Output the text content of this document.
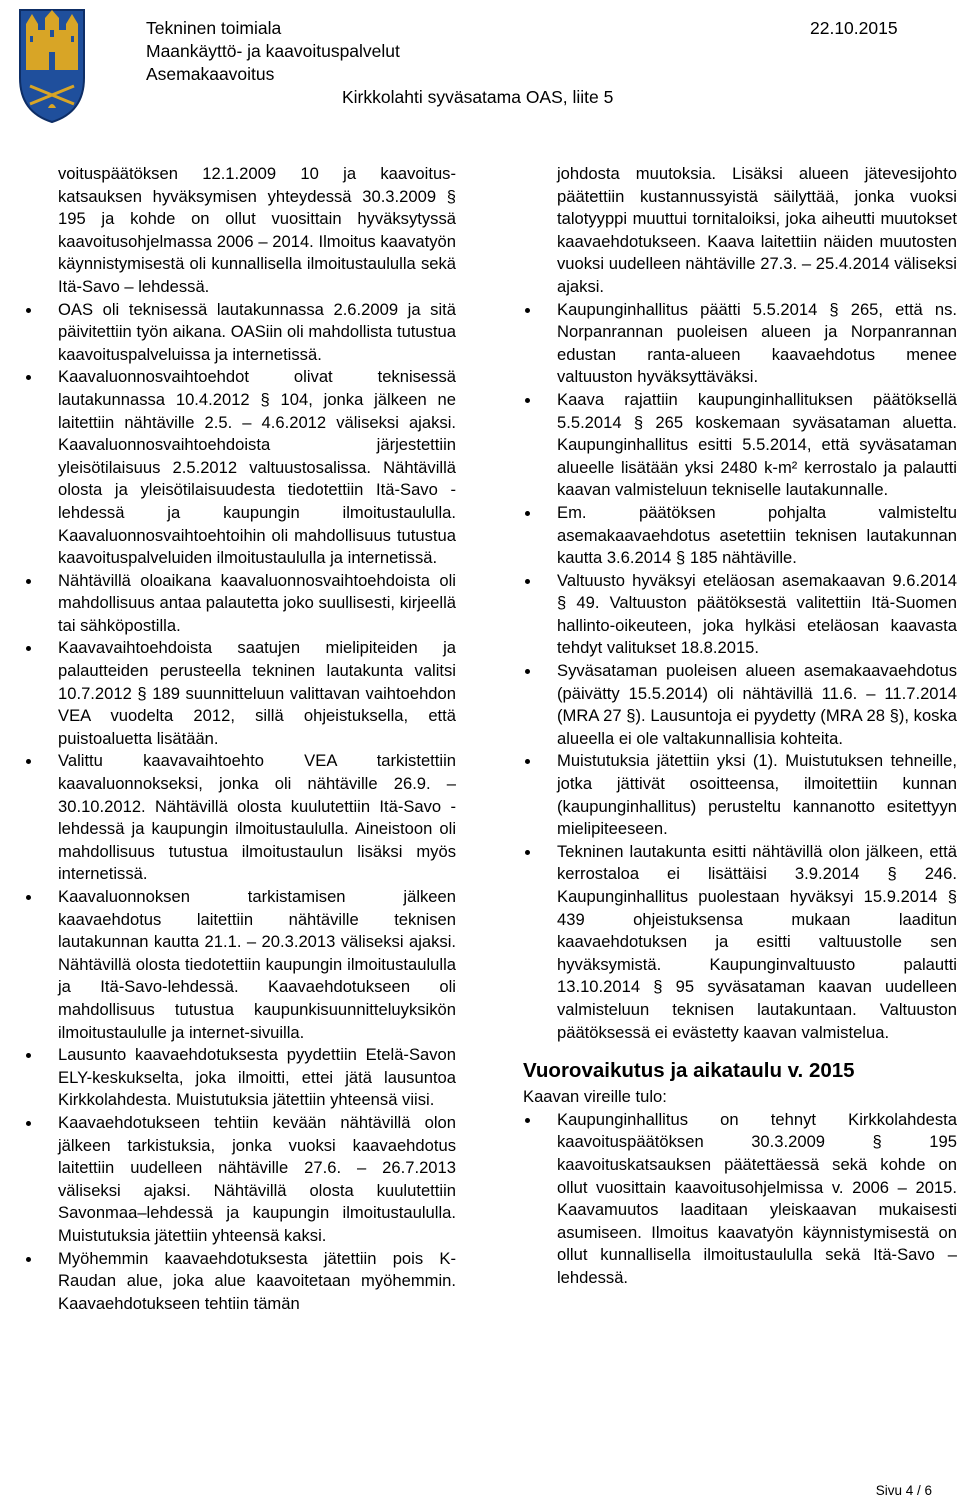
Tekninen toimiala
Maankäyttö- ja kaavoituspalvelut
Asemakaavoitus
22.10.2015
Kirkkolahti syväsatama OAS, liite 5

voituspäätöksen 12.1.2009 10 ja kaavoitus-katsauksen hyväksymisen yhteydessä 30.3.2009 § 195 ja kohde on ollut vuosittain hyväksytyssä kaavoitusohjelmassa 2006 – 2014. Ilmoitus kaavatyön käynnistymisestä oli kunnallisella ilmoitustaululla sekä Itä-Savo – lehdessä.

OAS oli teknisessä lautakunnassa 2.6.2009 ja sitä päivitettiin työn aikana. OASiin oli mahdollista tutustua kaavoituspalveluissa ja internetissä.
Kaavaluonnosvaihtoehdot olivat teknisessä lautakunnassa 10.4.2012 § 104, jonka jälkeen ne laitettiin nähtäville 2.5. – 4.6.2012 väliseksi ajaksi. Kaavaluonnosvaihtoehdoista järjestettiin yleisötilaisuus 2.5.2012 valtuustosalissa. Nähtävillä olosta ja yleisötilaisuudesta tiedotettiin Itä-Savo -lehdessä ja kaupungin ilmoitustaululla. Kaavaluonnosvaihtoehtoihin oli mahdollisuus tutustua kaavoituspalveluiden ilmoitustaululla ja internetissä.
Nähtävillä oloaikana kaavaluonnosvaihtoehdoista oli mahdollisuus antaa palautetta joko suullisesti, kirjeellä tai sähköpostilla.
Kaavavaihtoehdoista saatujen mielipiteiden ja palautteiden perusteella tekninen lautakunta valitsi 10.7.2012 § 189 suunnitteluun valittavan vaihtoehdon VEA vuodelta 2012, sillä ohjeistuksella, että puistoaluetta lisätään.
Valittu kaavavaihtoehto VEA tarkistettiin kaavaluonnokseksi, jonka oli nähtäville 26.9. – 30.10.2012. Nähtävillä olosta kuulutettiin Itä-Savo -lehdessä ja kaupungin ilmoitustaululla. Aineistoon oli mahdollisuus tutustua ilmoitustaulun lisäksi myös internetissä.
Kaavaluonnoksen tarkistamisen jälkeen kaavaehdotus laitettiin nähtäville teknisen lautakunnan kautta 21.1. – 20.3.2013 väliseksi ajaksi. Nähtävillä olosta tiedotettiin kaupungin ilmoitustaululla ja Itä-Savo-lehdessä. Kaavaehdotukseen oli mahdollisuus tutustua kaupunkisuunnitteluyksikön ilmoitustaululle ja internet-sivuilla.
Lausunto kaavaehdotuksesta pyydettiin Etelä-Savon ELY-keskukselta, joka ilmoitti, ettei jätä lausuntoa Kirkkolahdesta. Muistutuksia jätettiin yhteensä viisi.
Kaavaehdotukseen tehtiin kevään nähtävillä olon jälkeen tarkistuksia, jonka vuoksi kaavaehdotus laitettiin uudelleen nähtäville 27.6. – 26.7.2013 väliseksi ajaksi. Nähtävillä olosta kuulutettiin Savonmaa–lehdessä ja kaupungin ilmoitustaululla. Muistutuksia jätettiin yhteensä kaksi.
Myöhemmin kaavaehdotuksesta jätettiin pois K-Raudan alue, joka alue kaavoitetaan myöhemmin. Kaavaehdotukseen tehtiin tämän

johdosta muutoksia. Lisäksi alueen jätevesijohto päätettiin kustannussyistä säilyttää, jonka vuoksi talotyyppi muuttui tornitaloiksi, joka aiheutti muutokset kaavaehdotukseen. Kaava laitettiin näiden muutosten vuoksi uudelleen nähtäville 27.3. – 25.4.2014 väliseksi ajaksi.

Kaupunginhallitus päätti 5.5.2014 § 265, että ns. Norpanrannan puoleisen alueen ja Norpanrannan edustan ranta-alueen kaavaehdotus menee valtuuston hyväksyttäväksi.
Kaava rajattiin kaupunginhallituksen päätöksellä 5.5.2014 § 265 koskemaan syväsataman aluetta. Kaupunginhallitus esitti 5.5.2014, että syväsataman alueelle lisätään yksi 2480 k-m² kerrostalo ja palautti kaavan valmisteluun tekniselle lautakunnalle.
Em. päätöksen pohjalta valmisteltu asemakaavaehdotus asetettiin teknisen lautakunnan kautta 3.6.2014 § 185 nähtäville.
Valtuusto hyväksyi eteläosan asemakaavan 9.6.2014 § 49. Valtuuston päätöksestä valitettiin Itä-Suomen hallinto-oikeuteen, joka hylkäsi eteläosan kaavasta tehdyt valitukset 18.8.2015.
Syväsataman puoleisen alueen asemakaavaehdotus (päivätty 15.5.2014) oli nähtävillä 11.6. – 11.7.2014 (MRA 27 §). Lausuntoja ei pyydetty (MRA 28 §), koska alueella ei ole valtakunnallisia kohteita.
Muistutuksia jätettiin yksi (1). Muistutuksen tehneille, jotka jättivät osoitteensa, ilmoitettiin kunnan (kaupunginhallitus) perusteltu kannanotto esitettyyn mielipiteeseen.
Tekninen lautakunta esitti nähtävillä olon jälkeen, että kerrostaloa ei lisättäisi 3.9.2014 § 246. Kaupunginhallitus puolestaan hyväksyi 15.9.2014 § 439 ohjeistuksensa mukaan laaditun kaavaehdotuksen ja esitti valtuustolle sen hyväksymistä. Kaupunginvaltuusto palautti 13.10.2014 § 95 syväsataman kaavan uudelleen valmisteluun teknisen lautakuntaan. Valtuuston päätöksessä ei evästetty kaavan valmistelua.
Vuorovaikutus ja aikataulu v. 2015

Kaavan vireille tulo:

Kaupunginhallitus on tehnyt Kirkkolahdesta kaavoituspäätöksen 30.3.2009 § 195 kaavoituskatsauksen päätettäessä sekä kohde on ollut vuosittain kaavoitusohjelmissa v. 2006 – 2015. Kaavamuutos laaditaan yleiskaavan mukaisesti asumiseen. Ilmoitus kaavatyön käynnistymisestä on ollut kunnallisella ilmoitustaululla sekä Itä-Savo – lehdessä.
Sivu 4 / 6
